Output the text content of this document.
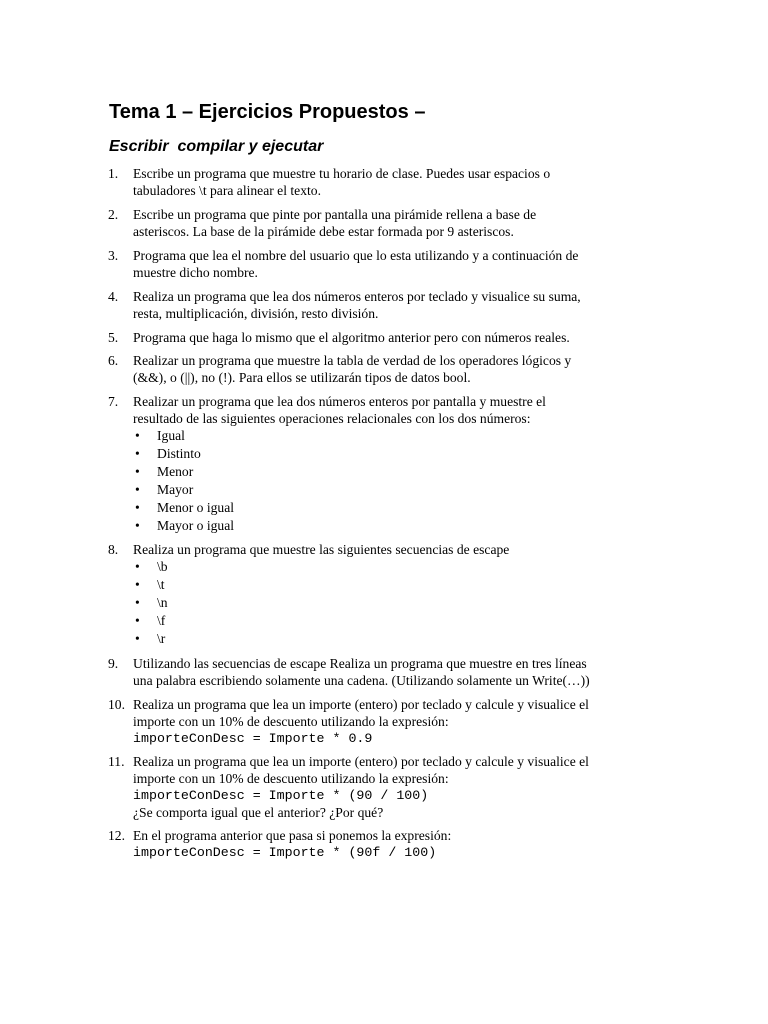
Tema 1 – Ejercicios Propuestos –
Escribir  compilar y ejecutar
1. Escribe un programa que muestre tu horario de clase. Puedes usar espacios o
tabuladores \t para alinear el texto.
2. Escribe un programa que pinte por pantalla una pirámide rellena a base de
asteriscos. La base de la pirámide debe estar formada por 9 asteriscos.
3. Programa que lea el nombre del usuario que lo esta utilizando y a continuación de
muestre dicho nombre.
4. Realiza un programa que lea dos números enteros por teclado y visualice su suma,
resta, multiplicación, división, resto división.
5. Programa que haga lo mismo que el algoritmo anterior pero con números reales.
6. Realizar un programa que muestre la tabla de verdad de los operadores lógicos y
(&&), o (||), no (!). Para ellos se utilizarán tipos de datos bool.
7. Realizar un programa que lea dos números enteros por pantalla y muestre el
resultado de las siguientes operaciones relacionales con los dos números:
• Igual
• Distinto
• Menor
• Mayor
• Menor o igual
• Mayor o igual
8. Realiza un programa que muestre las siguientes secuencias de escape
• \b
• \t
• \n
• \f
• \r
9. Utilizando las secuencias de escape Realiza un programa que muestre en tres líneas
una palabra escribiendo solamente una cadena. (Utilizando solamente un Write(…))
10. Realiza un programa que lea un importe (entero) por teclado y calcule y visualice el
importe con un 10% de descuento utilizando la expresión:
importeConDesc = Importe * 0.9
11. Realiza un programa que lea un importe (entero) por teclado y calcule y visualice el
importe con un 10% de descuento utilizando la expresión:
importeConDesc = Importe * (90 / 100)
¿Se comporta igual que el anterior? ¿Por qué?
12. En el programa anterior que pasa si ponemos la expresión:
importeConDesc = Importe * (90f / 100)
